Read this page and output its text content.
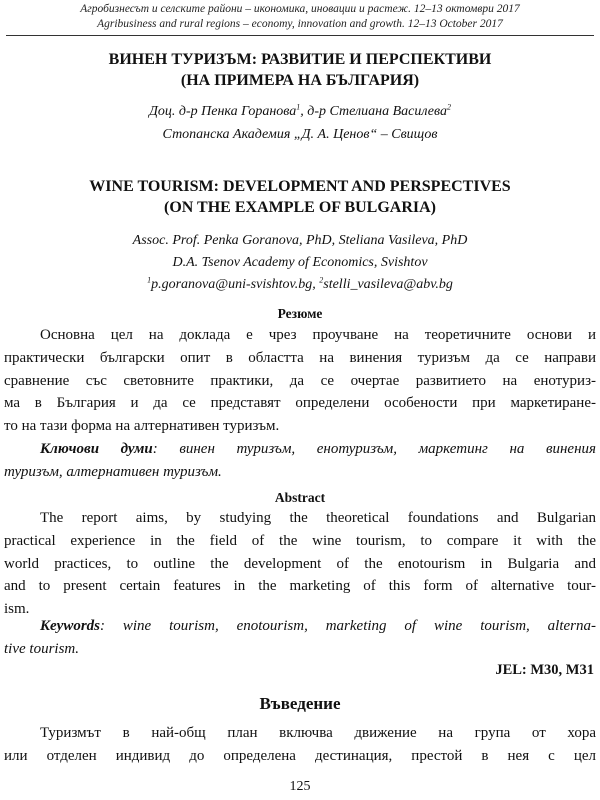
Агробизнесът и селските райони – икономика, иновации и растеж. 12–13 октомври 2017
Agribusiness and rural regions – economy, innovation and growth. 12–13 October 2017
ВИНЕН ТУРИЗЪМ: РАЗВИТИЕ И ПЕРСПЕКТИВИ
(НА ПРИМЕРА НА БЪЛГАРИЯ)
Доц. д-р Пенка Горанова$^1$, д-р Стелиана Василева$^2$
Стопанска Академия „Д. А. Ценов“ – Свищов
WINE TOURISM: DEVELOPMENT AND PERSPECTIVES
(ON THE EXAMPLE OF BULGARIA)
Assoc. Prof. Penka Goranova, PhD, Steliana Vasileva, PhD
D.A. Tsenov Academy of Economics, Svishtov
$^1$p.goranova@uni-svishtov.bg, $^2$stelli_vasileva@abv.bg
Резюме
Основна цел на доклада е чрез проучване на теоретичните основи и
практически български опит в областта на винения туризъм да се направи
сравнение със световните практики, да се очертае развитието на енотуриз-
ма в България и да се представят определени особености при маркетиране-
то на тази форма на алтернативен туризъм.
Ключови думи: винен туризъм, енотуризъм, маркетинг на винения
туризъм, алтернативен туризъм.
Abstract
The report aims, by studying the theoretical foundations and Bulgarian
practical experience in the field of the wine tourism, to compare it with the
world practices, to outline the development of the enotourism in Bulgaria and
and to present certain features in the marketing of this form of alternative tour-
ism.
Keywords: wine tourism, enotourism, marketing of wine tourism, alterna-
tive tourism.
JEL: M30, M31
Въведение
Туризмът в най-общ план включва движение на група от хора
или отделен индивид до определена дестинация, престой в нея с цел
125
